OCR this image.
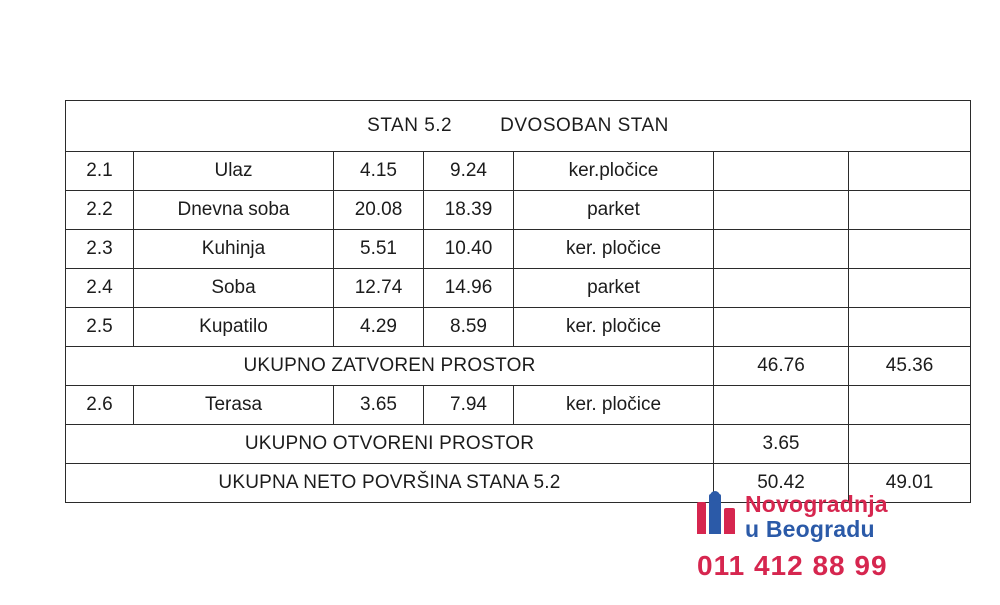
STAN 5.2 DVOSOBAN STAN						

2.1	Ulaz	4.15	9.24	ker.pločice		
2.2	Dnevna soba	20.08	18.39	parket		
2.3	Kuhinja	5.51	10.40	ker. pločice		
2.4	Soba	12.74	14.96	parket		
2.5	Kupatilo	4.29	8.59	ker. pločice		
UKUPNO ZATVOREN PROSTOR					46.76	45.36
2.6	Terasa	3.65	7.94	ker. pločice		
UKUPNO OTVORENI PROSTOR					3.65	
UKUPNA NETO POVRŠINA STANA 5.2					50.42	49.01
Novogradnja
u Beogradu
011 412 88 99
